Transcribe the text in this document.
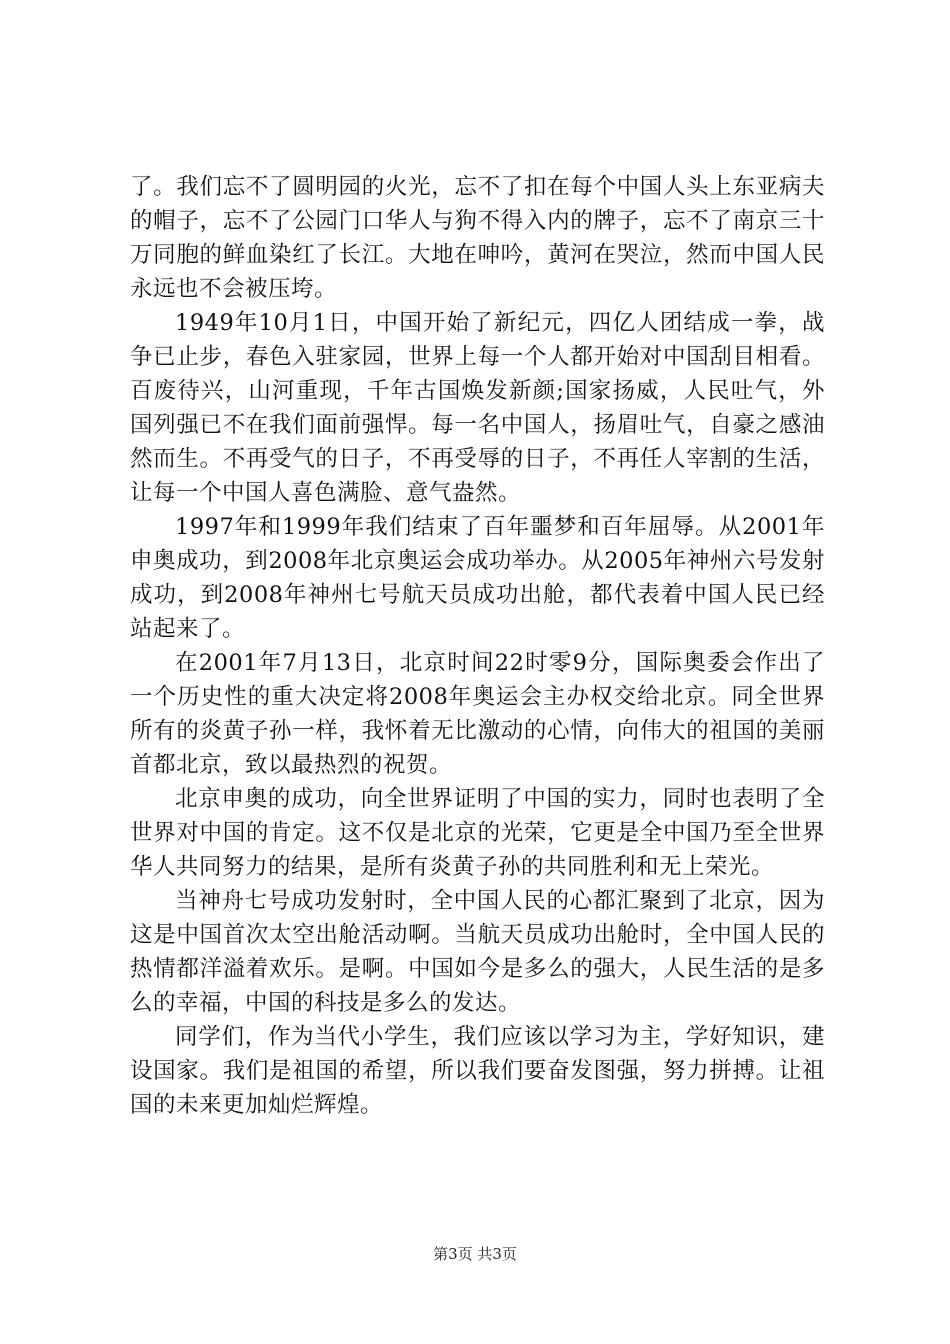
了。我们忘不了圆明园的火光，忘不了扣在每个中国人头上东亚病夫的帽子，忘不了公园门口华人与狗不得入内的牌子，忘不了南京三十万同胞的鲜血染红了长江。大地在呻吟，黄河在哭泣，然而中国人民永远也不会被压垮。

1949年10月1日，中国开始了新纪元，四亿人团结成一拳，战争已止步，春色入驻家园，世界上每一个人都开始对中国刮目相看。百废待兴，山河重现，千年古国焕发新颜;国家扬威，人民吐气，外国列强已不在我们面前强悍。每一名中国人，扬眉吐气，自豪之感油然而生。不再受气的日子，不再受辱的日子，不再任人宰割的生活，让每一个中国人喜色满脸、意气盎然。

1997年和1999年我们结束了百年噩梦和百年屈辱。从2001年申奥成功，到2008年北京奥运会成功举办。从2005年神州六号发射成功，到2008年神州七号航天员成功出舱，都代表着中国人民已经站起来了。

在2001年7月13日，北京时间22时零9分，国际奥委会作出了一个历史性的重大决定将2008年奥运会主办权交给北京。同全世界所有的炎黄子孙一样，我怀着无比激动的心情，向伟大的祖国的美丽首都北京，致以最热烈的祝贺。

北京申奥的成功，向全世界证明了中国的实力，同时也表明了全世界对中国的肯定。这不仅是北京的光荣，它更是全中国乃至全世界华人共同努力的结果，是所有炎黄子孙的共同胜利和无上荣光。

当神舟七号成功发射时，全中国人民的心都汇聚到了北京，因为这是中国首次太空出舱活动啊。当航天员成功出舱时，全中国人民的热情都洋溢着欢乐。是啊。中国如今是多么的强大，人民生活的是多么的幸福，中国的科技是多么的发达。

同学们，作为当代小学生，我们应该以学习为主，学好知识，建设国家。我们是祖国的希望，所以我们要奋发图强，努力拼搏。让祖国的未来更加灿烂辉煌。

第3页 共3页
